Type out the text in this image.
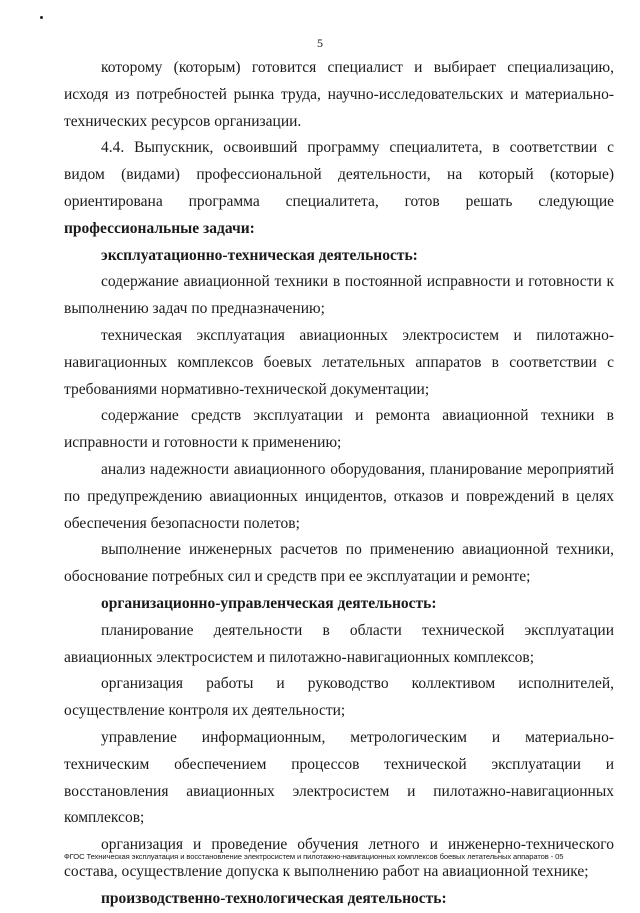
5

которому (которым) готовится специалист и выбирает специализацию, исходя из потребностей рынка труда, научно-исследовательских и материально-технических ресурсов организации.

4.4. Выпускник, освоивший программу специалитета, в соответствии с видом (видами) профессиональной деятельности, на который (которые) ориентирована программа специалитета, готов решать следующие профессиональные задачи:

эксплуатационно-техническая деятельность:

содержание авиационной техники в постоянной исправности и готовности к выполнению задач по предназначению;

техническая эксплуатация авиационных электросистем и пилотажно-навигационных комплексов боевых летательных аппаратов в соответствии с требованиями нормативно-технической документации;

содержание средств эксплуатации и ремонта авиационной техники в исправности и готовности к применению;

анализ надежности авиационного оборудования, планирование мероприятий по предупреждению авиационных инцидентов, отказов и повреждений в целях обеспечения безопасности полетов;

выполнение инженерных расчетов по применению авиационной техники, обоснование потребных сил и средств при ее эксплуатации и ремонте;

организационно-управленческая деятельность:

планирование деятельности в области технической эксплуатации авиационных электросистем и пилотажно-навигационных комплексов;

организация работы и руководство коллективом исполнителей, осуществление контроля их деятельности;

управление информационным, метрологическим и материально- техническим обеспечением процессов технической эксплуатации и восстановления авиационных электросистем и пилотажно-навигационных комплексов;

организация и проведение обучения летного и инженерно-технического состава, осуществление допуска к выполнению работ на авиационной технике;

производственно-технологическая деятельность:

ФГОС Техническая эксплуатация и восстановление электросистем и пилотажно-навигационных комплексов боевых летательных аппаратов - 05
